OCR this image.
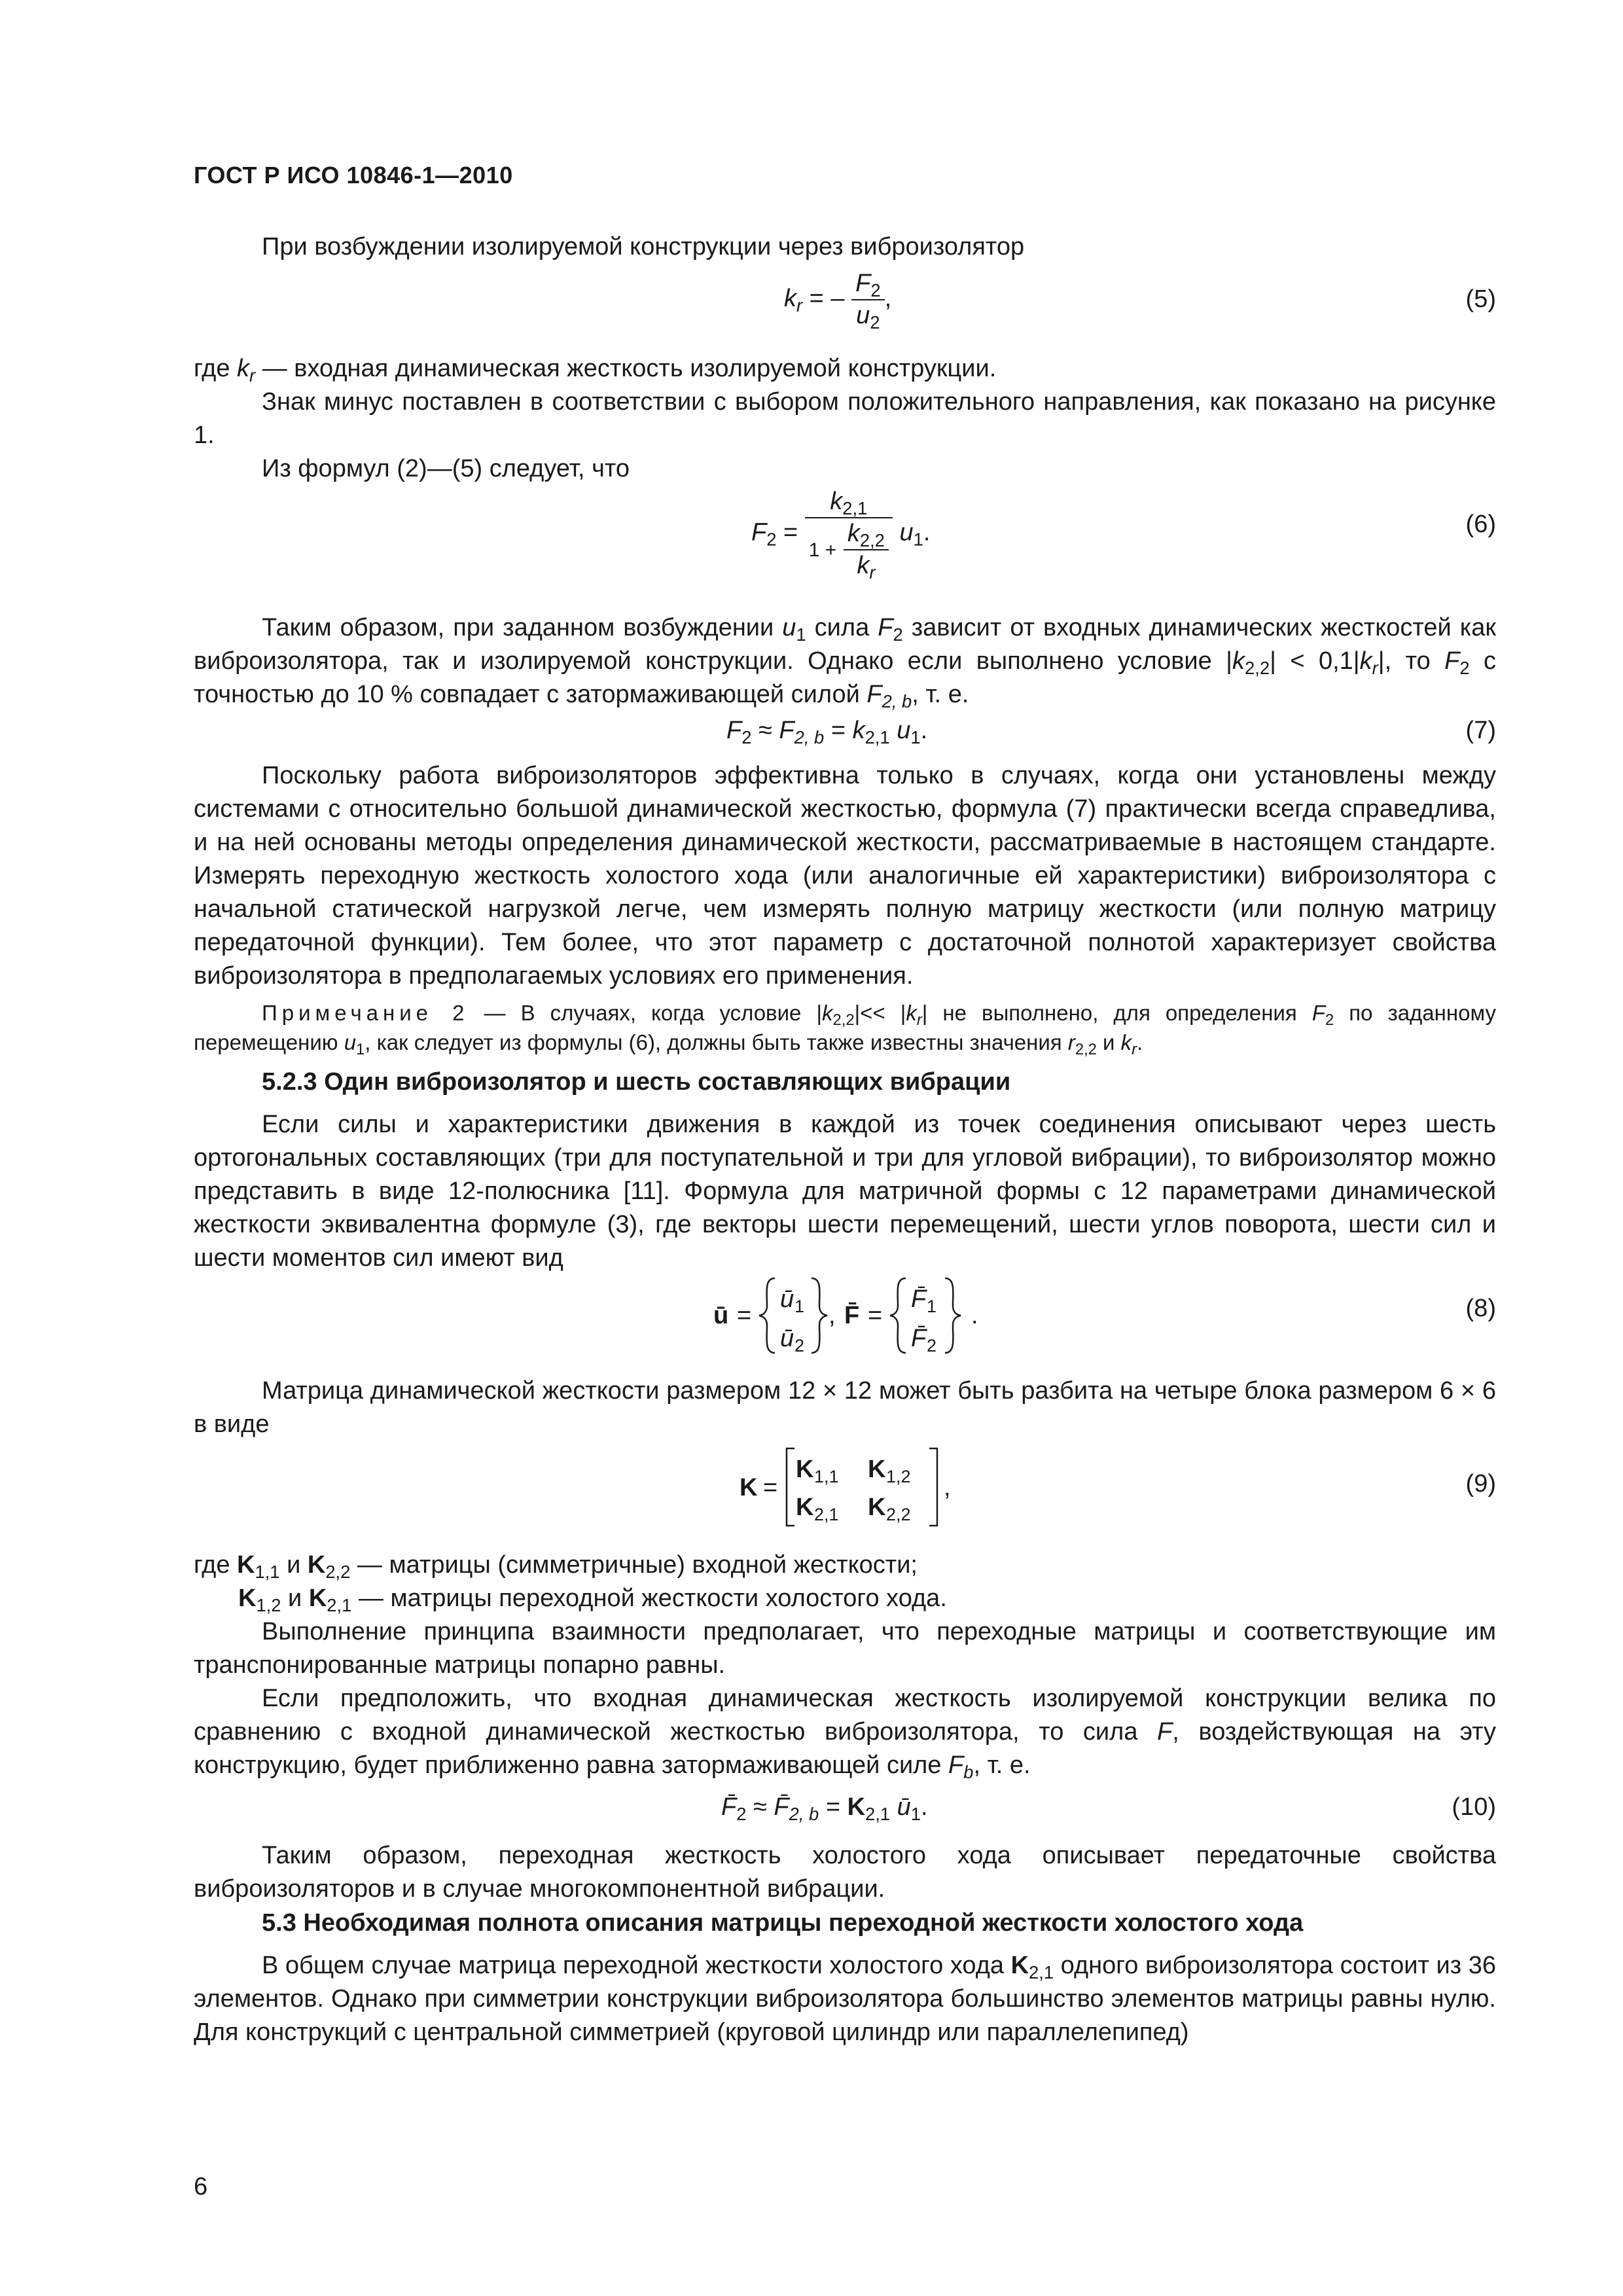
ГОСТ Р ИСО 10846-1—2010

При возбуждении изолируемой конструкции через виброизолятор

$k_r$ = – $\frac{F_2}{u_2}$ ,	(5)

где $k_r$ — входная динамическая жесткость изолируемой конструкции.

Знак минус поставлен в соответствии с выбором положительного направления, как показано на рисунке 1.

Из формул (2)—(5) следует, что

$F_2 = \frac{k_{2,1}}{1 + \frac{k_{2,2}}{k_r}} u_1$.	(6)

Таким образом, при заданном возбуждении $u_1$ сила $F_2$ зависит от входных динамических жесткостей как виброизолятора, так и изолируемой конструкции. Однако если выполнено условие $|k_{2,2}| < 0,1|k_r|$, то $F_2$ с точностью до 10 % совпадает с затормаживающей силой $F_{2, b}$, т. е.

$F_2 \approx F_{2, b} = k_{2,1}$ $u_1$.	(7)

Поскольку работа виброизоляторов эффективна только в случаях, когда они установлены между системами с относительно большой динамической жесткостью, формула (7) практически всегда справедлива, и на ней основаны методы определения динамической жесткости, рассматриваемые в настоящем стандарте. Измерять переходную жесткость холостого хода (или аналогичные ей характеристики) виброизолятора с начальной статической нагрузкой легче, чем измерять полную матрицу жесткости (или полную матрицу передаточной функции). Тем более, что этот параметр с достаточной полнотой характеризует свойства виброизолятора в предполагаемых условиях его применения.

Примечание 2 — В случаях, когда условие $|k_{2,2}|<< |k_r|$ не выполнено, для определения $F_2$ по заданному перемещению $u_1$, как следует из формулы (6), должны быть также известны значения $r_{2,2}$ и $k_r$.

5.2.3 Один виброизолятор и шесть составляющих вибрации

Если силы и характеристики движения в каждой из точек соединения описывают через шесть ортогональных составляющих (три для поступательной и три для угловой вибрации), то виброизолятор можно представить в виде 12-полюсника [11]. Формула для матричной формы с 12 параметрами динамической жесткости эквивалентна формуле (3), где векторы шести перемещений, шести углов поворота, шести сил и шести моментов сил имеют вид

ū =
ū 1
ū 2
, F̄ =
F̄ 1
F̄ 2
.	(8)

Матрица динамической жесткости размером 12 × 12 может быть разбита на четыре блока размером 6 × 6 в виде

K =
K 1,1 K 1,2
K 2,1 K 2,2
,	(9)

где $K_{1,1}$ и $K_{2,2}$ — матрицы (симметричные) входной жесткости;

$K_{1,2}$ и $K_{2,1}$ — матрицы переходной жесткости холостого хода.

Выполнение принципа взаимности предполагает, что переходные матрицы и соответствующие им транспонированные матрицы попарно равны.

Если предположить, что входная динамическая жесткость изолируемой конструкции велика по сравнению с входной динамической жесткостью виброизолятора, то сила F, воздействующая на эту конструкцию, будет приближенно равна затормаживающей силе $F_b$, т. е.

$F̄_2$ ≈ $F̄_{2, b} = K_{2,1}$ $ū_1$.	(10)

Таким образом, переходная жесткость холостого хода описывает передаточные свойства виброизоляторов и в случае многокомпонентной вибрации.

5.3 Необходимая полнота описания матрицы переходной жесткости холостого хода

В общем случае матрица переходной жесткости холостого хода $K_{2,1}$ одного виброизолятора состоит из 36 элементов. Однако при симметрии конструкции виброизолятора большинство элементов матрицы равны нулю. Для конструкций с центральной симметрией (круговой цилиндр или параллелепипед)

6
